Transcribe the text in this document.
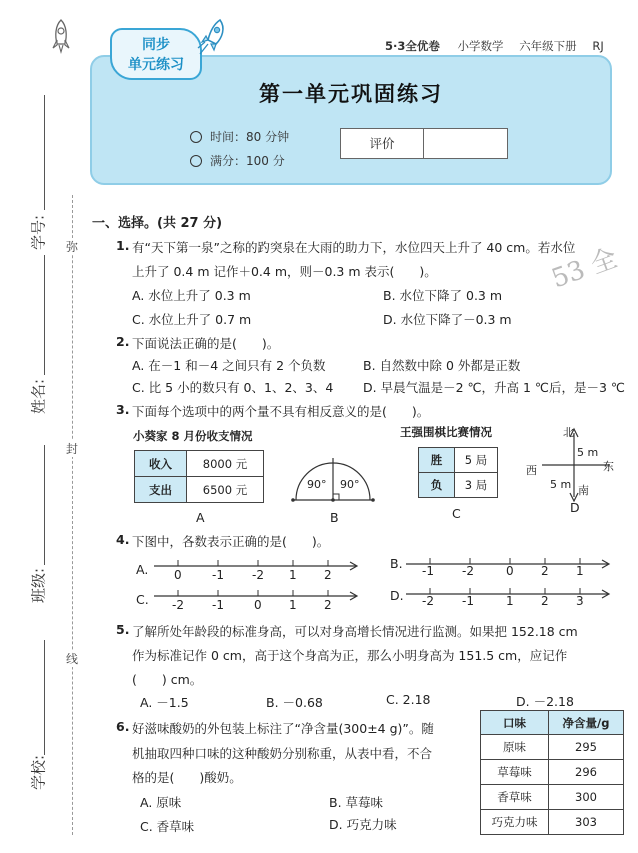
学号:
姓名:
班级:
学校:
弥
封
线
5·3全优卷 小学数学 六年级下册 RJ
同步
单元练习
第一单元巩固练习
时间：80 分钟
满分：100 分
评价
53 全
一、选择。(共 27 分)
1. 有“天下第一泉”之称的趵突泉在大雨的助力下，水位四天上升了 40 cm。若水位
上升了 0.4 m 记作＋0.4 m，则－0.3 m 表示(　　)。
A. 水位上升了 0.3 m	B. 水位下降了 0.3 m
C. 水位上升了 0.7 m	D. 水位下降了－0.3 m
2. 下面说法正确的是(　　)。
A. 在－1 和－4 之间只有 2 个负数	B. 自然数中除 0 外都是正数
C. 比 5 小的数只有 0、1、2、3、4 D. 早晨气温是－2 ℃，升高 1 ℃后，是－3 ℃
3. 下面每个选项中的两个量不具有相反意义的是(　　)。
小葵家 8 月份收支情况
收入	8000 元
支出	6500 元
A
90° 90°
B
王强围棋比赛情况
胜	5 局
负	3 局
C
北
5 m
西	东
5 m 南
D
4. 下图中，各数表示正确的是(　　)。
A. 0	-1 -2 1 2
B. -1 -2	0 2 1
C. -2 -1	0 1 2
D. -2 -1	1 2 3
5. 了解所处年龄段的标准身高，可以对身高增长情况进行监测。如果把 152.18 cm
作为标准记作 0 cm，高于这个身高为正，那么小明身高为 151.5 cm，应记作
(　　) cm。
A. －1.5	B. －0.68	C. 2.18	D. －2.18
6. 好滋味酸奶的外包装上标注了“净含量(300±4 g)”。随
机抽取四种口味的这种酸奶分别称重，从表中看，不合
格的是(　　)酸奶。
A. 原味	B. 草莓味
C. 香草味	D. 巧克力味
口味	净含量/g
原味	295
草莓味	296
香草味	300
巧克力味	303
